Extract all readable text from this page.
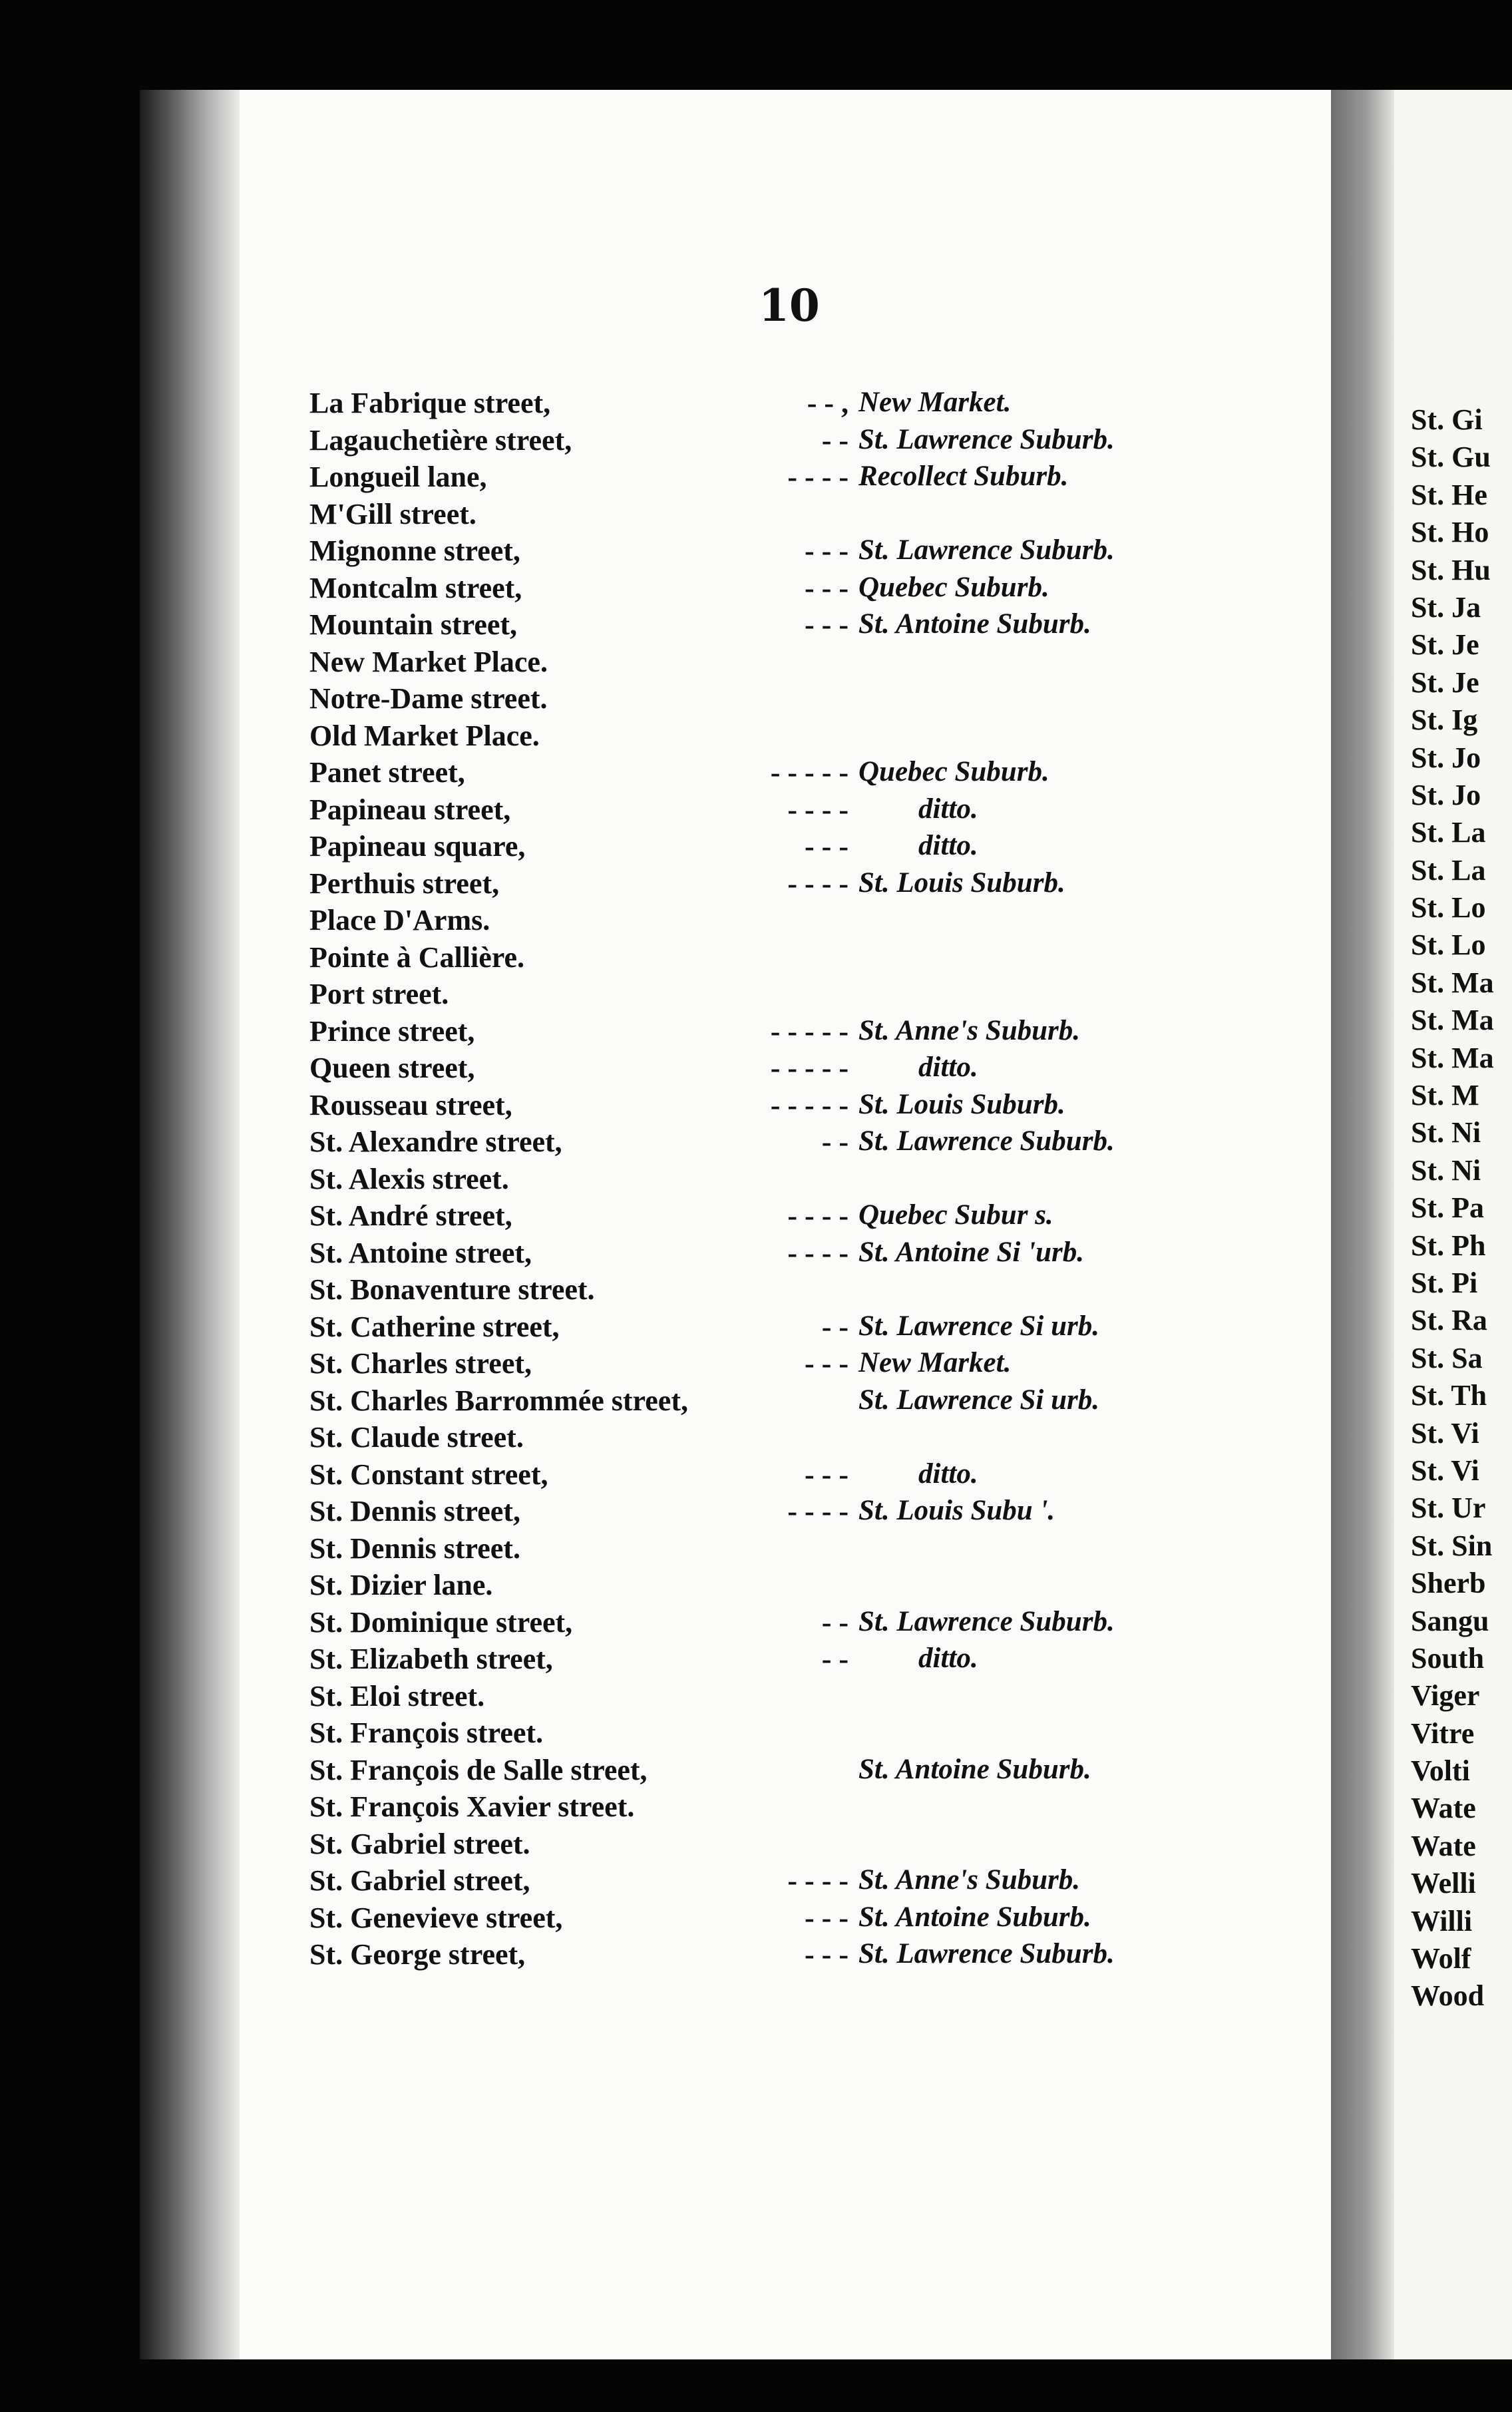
10
La Fabrique street,	- - , New Market.
Lagauchetière street,	- - St. Lawrence Suburb.
Longueil lane,	- - - - Recollect Suburb.
M'Gill street.
Mignonne street,	- - - St. Lawrence Suburb.
Montcalm street,	- - - Quebec Suburb.
Mountain street,	- - - St. Antoine Suburb.
New Market Place.
Notre-Dame street.
Old Market Place.
Panet street,	- - - - - Quebec Suburb.
Papineau street,	- - - - ditto.
Papineau square,	- - - ditto.
Perthuis street,	- - - - St. Louis Suburb.
Place D'Arms.
Pointe à Callière.
Port street.
Prince street,	- - - - - St. Anne's Suburb.
Queen street,	- - - - - ditto.
Rousseau street,	- - - - - St. Louis Suburb.
St. Alexandre street,	- - St. Lawrence Suburb.
St. Alexis street.
St. André street,	- - - - Quebec Subur s.
St. Antoine street,	- - - - St. Antoine Si 'urb.
St. Bonaventure street.
St. Catherine street,	- - St. Lawrence Si urb.
St. Charles street,	- - - New Market.
St. Charles Barrommée street,	St. Lawrence Si urb.
St. Claude street.
St. Constant street,	- - - ditto.
St. Dennis street,	- - - - St. Louis Subu '.
St. Dennis street.
St. Dizier lane.
St. Dominique street,	- - St. Lawrence Suburb.
St. Elizabeth street,	- - ditto.
St. Eloi street.
St. François street.
St. François de Salle street,	St. Antoine Suburb.
St. François Xavier street.
St. Gabriel street.
St. Gabriel street,	- - - - St. Anne's Suburb.
St. Genevieve street,	- - - St. Antoine Suburb.
St. George street,	- - - St. Lawrence Suburb.
St. Gi
St. Gu
St. He
St. Ho
St. Hu
St. Ja
St. Je
St. Je
St. Ig
St. Jo
St. Jo
St. La
St. La
St. Lo
St. Lo
St. Ma
St. Ma
St. Ma
St. M
St. Ni
St. Ni
St. Pa
St. Ph
St. Pi
St. Ra
St. Sa
St. Th
St. Vi
St. Vi
St. Ur
St. Sin
Sherb
Sangu
South
Viger
Vitre
Volti
Wate
Wate
Welli
Willi
Wolf
Wood
